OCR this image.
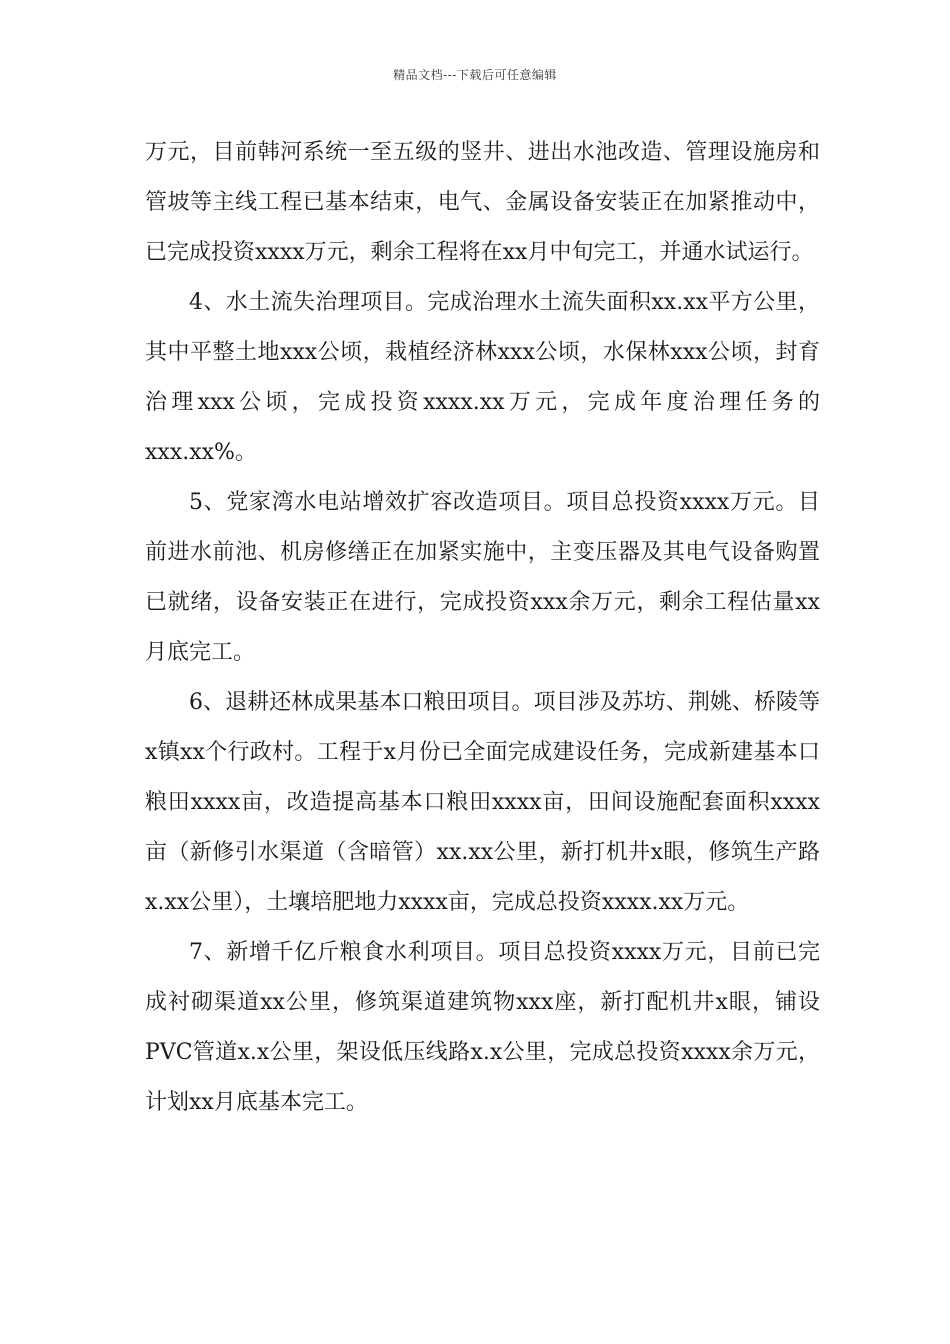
精品文档---下载后可任意编辑

万元，目前韩河系统一至五级的竖井、进出水池改造、管理设施房和管坡等主线工程已基本结束，电气、金属设备安装正在加紧推动中，已完成投资xxxx万元，剩余工程将在xx月中旬完工，并通水试运行。

4、水土流失治理项目。完成治理水土流失面积xx.xx平方公里，其中平整土地xxx公顷，栽植经济林xxx公顷，水保林xxx公顷，封育治理xxx公顷，完成投资xxxx.xx万元，完成年度治理任务的xxx.xx%。

5、党家湾水电站增效扩容改造项目。项目总投资xxxx万元。目前进水前池、机房修缮正在加紧实施中，主变压器及其电气设备购置已就绪，设备安装正在进行，完成投资xxx余万元，剩余工程估量xx月底完工。

6、退耕还林成果基本口粮田项目。项目涉及苏坊、荆姚、桥陵等x镇xx个行政村。工程于x月份已全面完成建设任务，完成新建基本口粮田xxxx亩，改造提高基本口粮田xxxx亩，田间设施配套面积xxxx亩（新修引水渠道（含暗管）xx.xx公里，新打机井x眼，修筑生产路x.xx公里），土壤培肥地力xxxx亩，完成总投资xxxx.xx万元。

7、新增千亿斤粮食水利项目。项目总投资xxxx万元，目前已完成衬砌渠道xx公里，修筑渠道建筑物xxx座，新打配机井x眼，铺设PVC管道x.x公里，架设低压线路x.x公里，完成总投资xxxx余万元，计划xx月底基本完工。
